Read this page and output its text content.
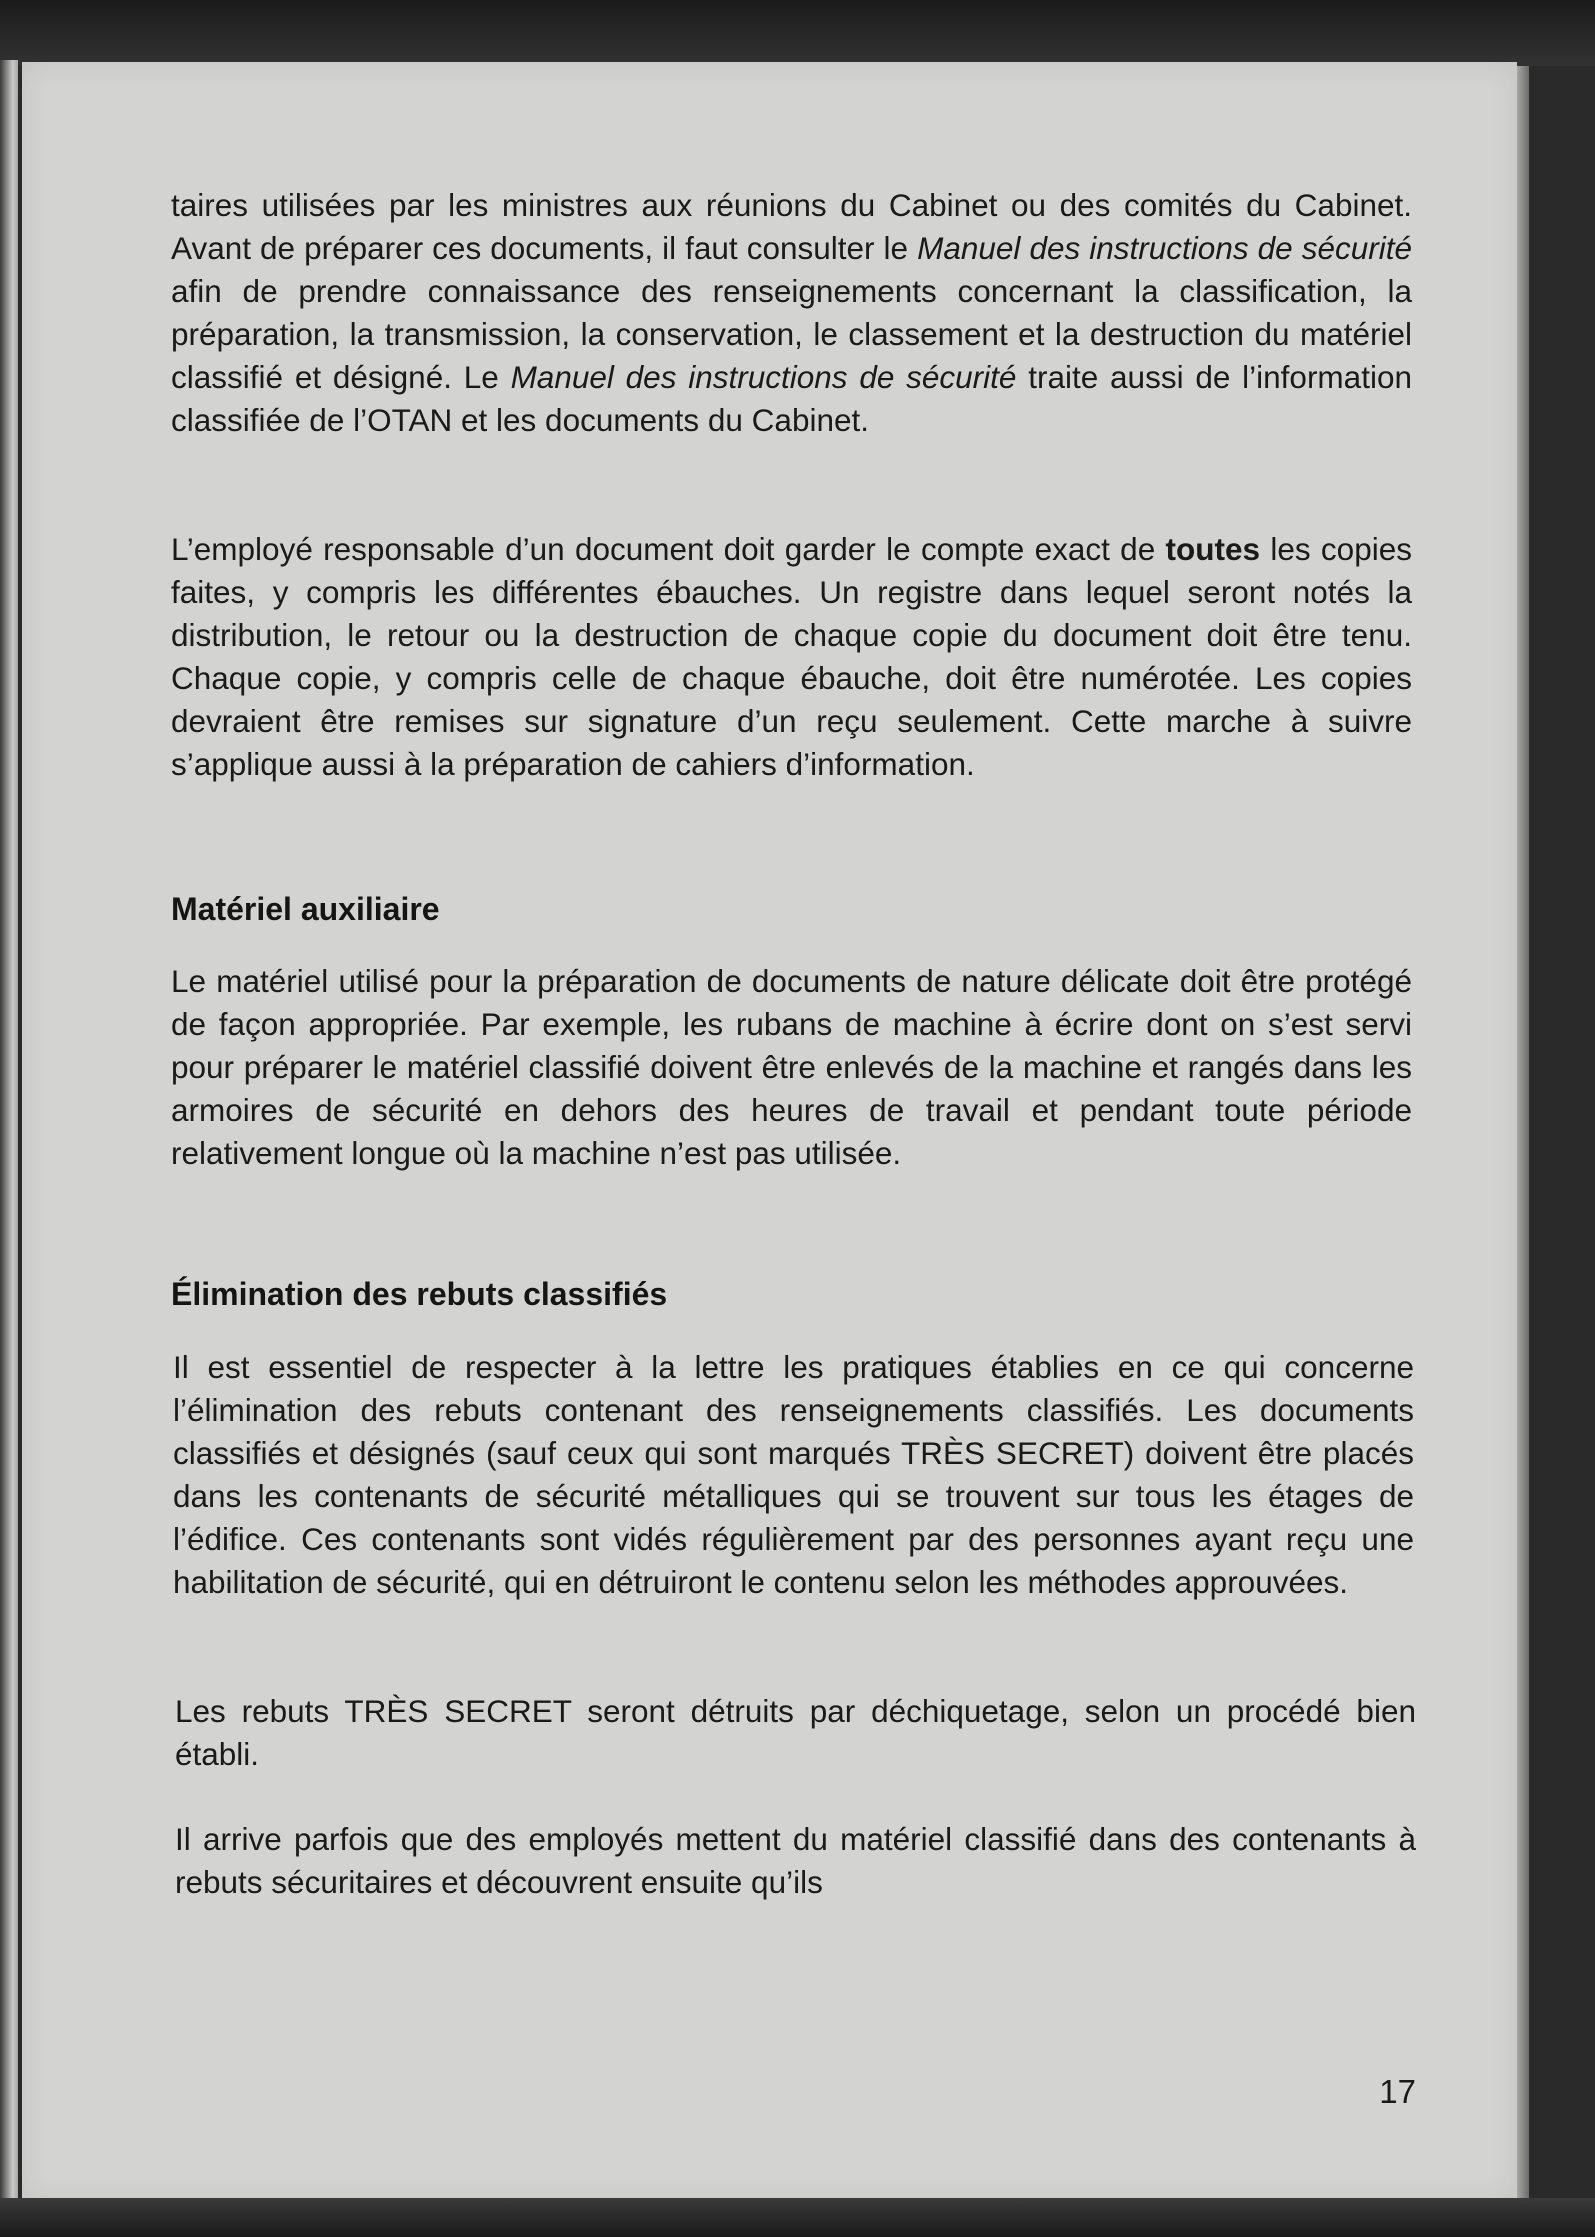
taires utilisées par les ministres aux réunions du Cabinet ou des comités du Cabinet. Avant de préparer ces documents, il faut consulter le Manuel des instructions de sécurité afin de prendre connaissance des renseignements concernant la classification, la préparation, la transmission, la conservation, le classement et la destruction du matériel classifié et désigné. Le Manuel des instructions de sécurité traite aussi de l’information classifiée de l’OTAN et les documents du Cabinet.

L’employé responsable d’un document doit garder le compte exact de toutes les copies faites, y compris les différentes ébauches. Un registre dans lequel seront notés la distribution, le retour ou la destruction de chaque copie du document doit être tenu. Chaque copie, y compris celle de chaque ébauche, doit être numérotée. Les copies devraient être remises sur signature d’un reçu seulement. Cette marche à suivre s’applique aussi à la préparation de cahiers d’information.

Matériel auxiliaire

Le matériel utilisé pour la préparation de documents de nature délicate doit être protégé de façon appropriée. Par exemple, les rubans de machine à écrire dont on s’est servi pour préparer le matériel classifié doivent être enlevés de la machine et rangés dans les armoires de sécurité en dehors des heures de travail et pendant toute période relativement longue où la machine n’est pas utilisée.

Élimination des rebuts classifiés

Il est essentiel de respecter à la lettre les pratiques établies en ce qui concerne l’élimination des rebuts contenant des renseignements classifiés. Les documents classifiés et désignés (sauf ceux qui sont marqués TRÈS SECRET) doivent être placés dans les contenants de sécurité métalliques qui se trouvent sur tous les étages de l’édifice. Ces contenants sont vidés régulièrement par des personnes ayant reçu une habilitation de sécurité, qui en détruiront le contenu selon les méthodes approuvées.

Les rebuts TRÈS SECRET seront détruits par déchiquetage, selon un procédé bien établi.

Il arrive parfois que des employés mettent du matériel classifié dans des contenants à rebuts sécuritaires et découvrent ensuite qu’ils

17
